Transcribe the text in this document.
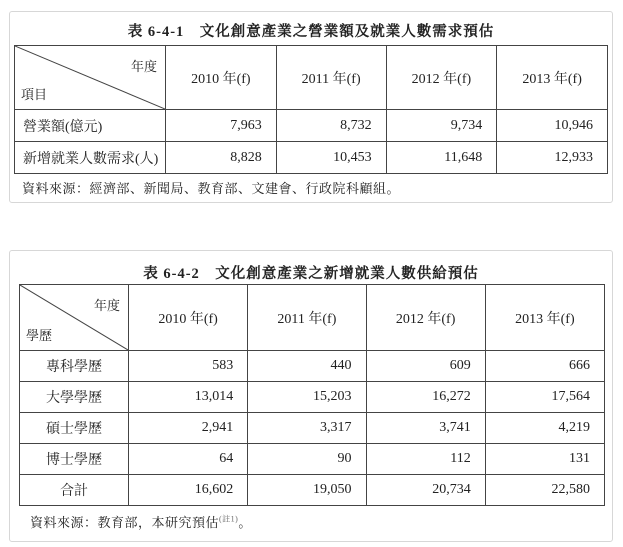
表 6-4-1　文化創意產業之營業額及就業人數需求預估
年度
項目	2010 年(f)	2011 年(f)	2012 年(f)	2013 年(f)
營業額(億元)	7,963	8,732	9,734	10,946
新增就業人數需求(人)	8,828	10,453	11,648	12,933
資料來源：經濟部、新聞局、教育部、文建會、行政院科顧組。
表 6-4-2　文化創意產業之新增就業人數供給預估
年度
學歷	2010 年(f)	2011 年(f)	2012 年(f)	2013 年(f)
專科學歷	583	440	609	666
大學學歷	13,014	15,203	16,272	17,564
碩士學歷	2,941	3,317	3,741	4,219
博士學歷	64	90	112	131
合計	16,602	19,050	20,734	22,580
資料來源：教育部，本研究預估$^{(註1)}$。
